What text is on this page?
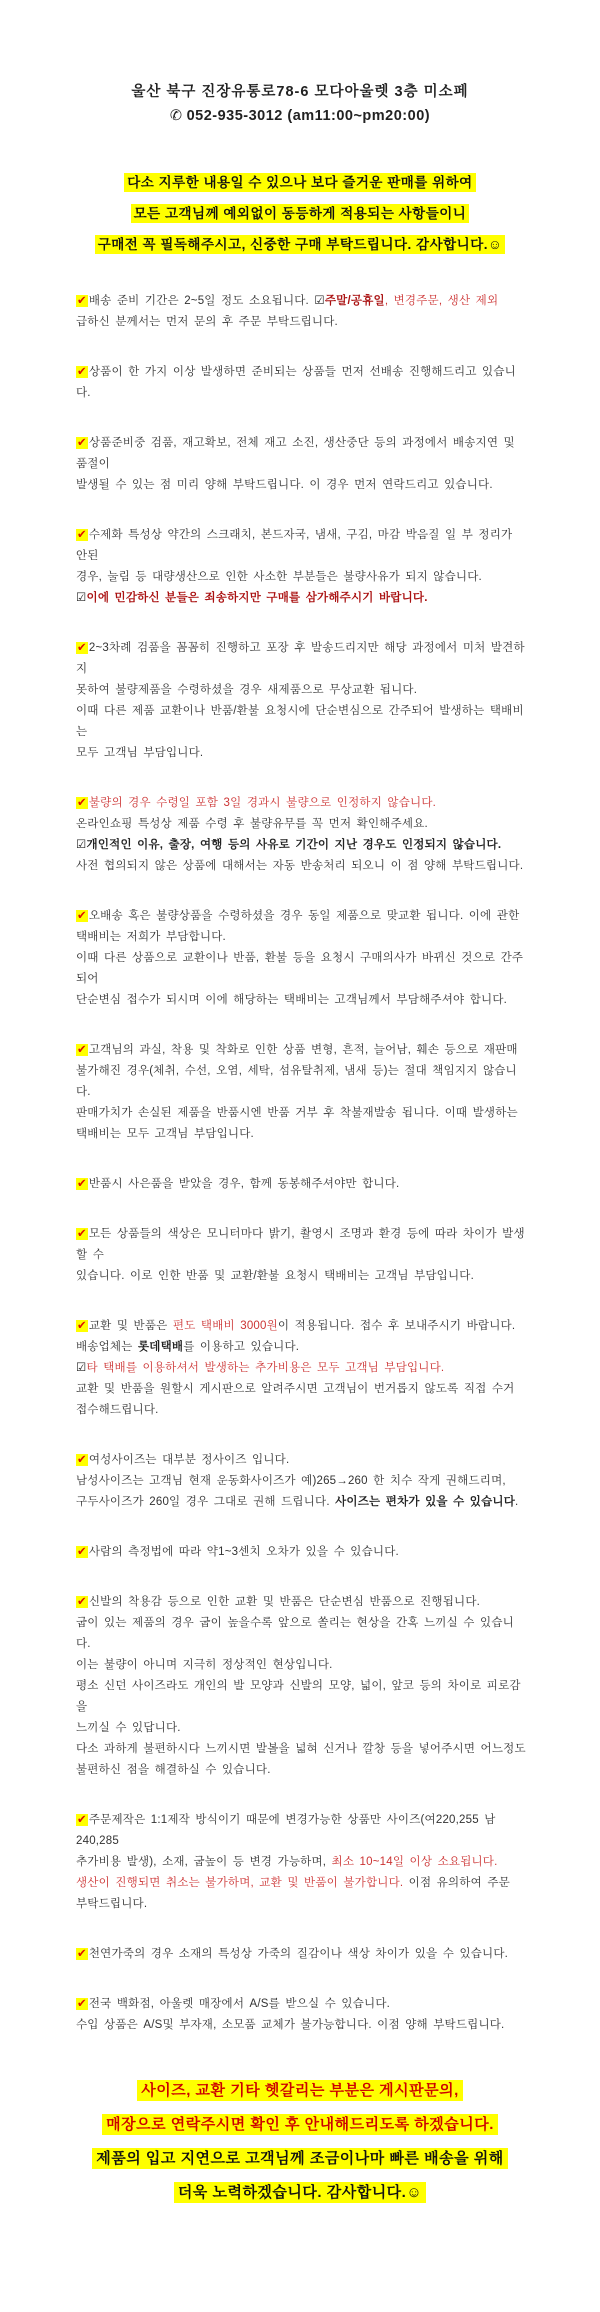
울산 북구 진장유통로78-6 모다아울렛 3층 미소페
✆ 052-935-3012 (am11:00~pm20:00)
다소 지루한 내용일 수 있으나 보다 즐거운 판매를 위하여
모든 고객님께 예외없이 동등하게 적용되는 사항들이니
구매전 꼭 필독해주시고, 신중한 구매 부탁드립니다. 감사합니다.☺
✔ 배송 준비 기간은 2~5일 정도 소요됩니다. ☑주말/공휴일, 변경주문, 생산 제외
급하신 분께서는 먼저 문의 후 주문 부탁드립니다.
✔ 상품이 한 가지 이상 발생하면 준비되는 상품들 먼저 선배송 진행해드리고 있습니다.
✔ 상품준비중 검품, 재고확보, 전체 재고 소진, 생산중단 등의 과정에서 배송지연 및 품절이
발생될 수 있는 점 미리 양해 부탁드립니다. 이 경우 먼저 연락드리고 있습니다.
✔ 수제화 특성상 약간의 스크래치, 본드자국, 냄새, 구김, 마감 박음질 일 부 정리가 안된
경우, 눌림 등 대량생산으로 인한 사소한 부분들은 불량사유가 되지 않습니다.
☑이에 민감하신 분들은 죄송하지만 구매를 삼가해주시기 바랍니다.
✔ 2~3차례 검품을 꼼꼼히 진행하고 포장 후 발송드리지만 해당 과정에서 미처 발견하지
못하여 불량제품을 수령하셨을 경우 새제품으로 무상교환 됩니다.
이때 다른 제품 교환이나 반품/환불 요청시에 단순변심으로 간주되어 발생하는 택배비는
모두 고객님 부담입니다.
✔ 불량의 경우 수령일 포함 3일 경과시 불량으로 인정하지 않습니다.
온라인쇼핑 특성상 제품 수령 후 불량유무를 꼭 먼저 확인해주세요.
☑개인적인 이유, 출장, 여행 등의 사유로 기간이 지난 경우도 인정되지 않습니다.
사전 협의되지 않은 상품에 대해서는 자동 반송처리 되오니 이 점 양해 부탁드립니다.
✔ 오배송 혹은 불량상품을 수령하셨을 경우 동일 제품으로 맞교환 됩니다. 이에 관한
택배비는 저희가 부담합니다.
이때 다른 상품으로 교환이나 반품, 환불 등을 요청시 구매의사가 바뀌신 것으로 간주되어
단순변심 접수가 되시며 이에 해당하는 택배비는 고객님께서 부담해주셔야 합니다.
✔ 고객님의 과실, 착용 및 착화로 인한 상품 변형, 흔적, 늘어남, 훼손 등으로 재판매
불가해진 경우(체취, 수선, 오염, 세탁, 섬유탈취제, 냄새 등)는 절대 책임지지 않습니다.
판매가치가 손실된 제품을 반품시엔 반품 거부 후 착불재발송 됩니다. 이때 발생하는
택배비는 모두 고객님 부담입니다.
✔ 반품시 사은품을 받았을 경우, 함께 동봉해주셔야만 합니다.
✔ 모든 상품들의 색상은 모니터마다 밝기, 촬영시 조명과 환경 등에 따라 차이가 발생할 수
있습니다. 이로 인한 반품 및 교환/환불 요청시 택배비는 고객님 부담입니다.
✔ 교환 및 반품은 편도 택배비 3000원이 적용됩니다. 접수 후 보내주시기 바랍니다.
배송업체는 롯데택배를 이용하고 있습니다.
☑타 택배를 이용하셔서 발생하는 추가비용은 모두 고객님 부담입니다.
교환 및 반품을 원할시 게시판으로 알려주시면 고객님이 번거롭지 않도록 직접 수거
접수해드립니다.
✔ 여성사이즈는 대부분 정사이즈 입니다.
남성사이즈는 고객님 현재 운동화사이즈가 예)265→260 한 치수 작게 권해드리며,
구두사이즈가 260일 경우 그대로 권해 드립니다. 사이즈는 편차가 있을 수 있습니다.
✔ 사람의 측정법에 따라 약1~3센치 오차가 있을 수 있습니다.
✔ 신발의 착용감 등으로 인한 교환 및 반품은 단순변심 반품으로 진행됩니다.
굽이 있는 제품의 경우 굽이 높을수록 앞으로 쏠리는 현상을 간혹 느끼실 수 있습니다.
이는 불량이 아니며 지극히 정상적인 현상입니다.
평소 신던 사이즈라도 개인의 발 모양과 신발의 모양, 넓이, 앞코 등의 차이로 피로감을
느끼실 수 있답니다.
다소 과하게 불편하시다 느끼시면 발볼을 넓혀 신거나 깔창 등을 넣어주시면 어느정도
불편하신 점을 해결하실 수 있습니다.
✔ 주문제작은 1:1제작 방식이기 때문에 변경가능한 상품만 사이즈(여220,255 남240,285
추가비용 발생), 소재, 굽높이 등 변경 가능하며, 최소 10~14일 이상 소요됩니다.
생산이 진행되면 취소는 불가하며, 교환 및 반품이 불가합니다. 이점 유의하여 주문
부탁드립니다.
✔ 천연가죽의 경우 소재의 특성상 가죽의 질감이나 색상 차이가 있을 수 있습니다.
✔ 전국 백화점, 아울렛 매장에서 A/S를 받으실 수 있습니다.
수입 상품은 A/S및 부자재, 소모품 교체가 불가능합니다. 이점 양해 부탁드립니다.
사이즈, 교환 기타 헷갈리는 부분은 게시판문의,
매장으로 연락주시면 확인 후 안내해드리도록 하겠습니다.
제품의 입고 지연으로 고객님께 조금이나마 빠른 배송을 위해
더욱 노력하겠습니다. 감사합니다.☺
